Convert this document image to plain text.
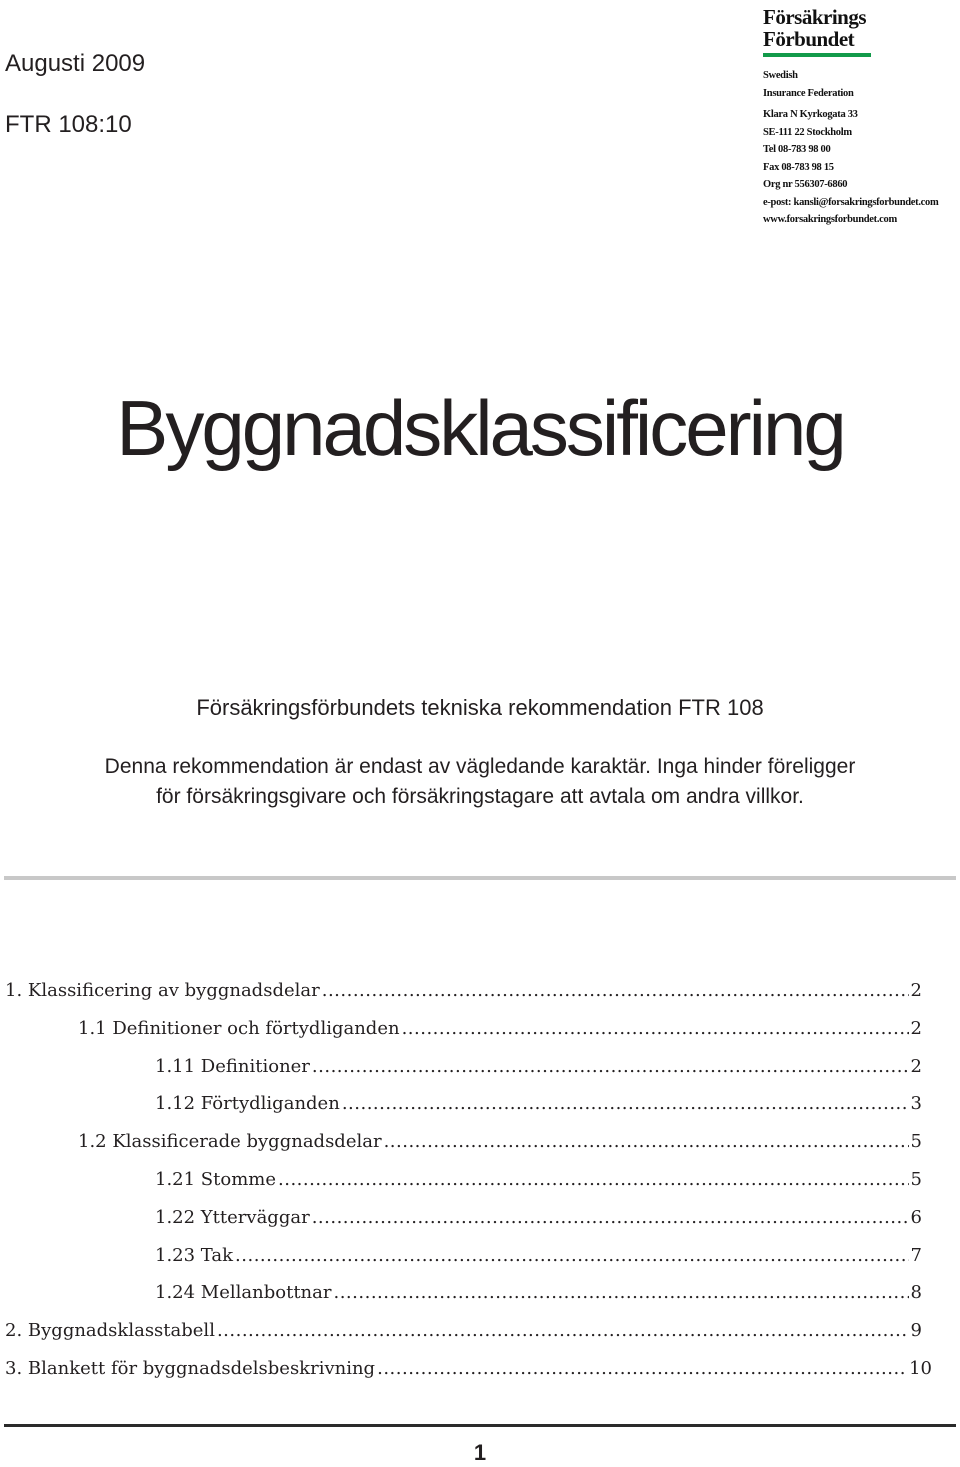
Augusti 2009
FTR 108:10
Försäkrings
Förbundet
Swedish
Insurance Federation
Klara N Kyrkogata 33
SE-111 22 Stockholm
Tel 08-783 98 00
Fax 08-783 98 15
Org nr 556307-6860
e-post: kansli@forsakringsforbundet.com
www.forsakringsforbundet.com
Byggnadsklassificering
Försäkringsförbundets tekniska rekommendation FTR 108
Denna rekommendation är endast av vägledande karaktär. Inga hinder föreligger för försäkringsgivare och försäkringstagare att avtala om andra villkor.
1. Klassificering av byggnadsdelar .....	2
1.1 Definitioner och förtydliganden .....	2
1.11 Definitioner .....	2
1.12 Förtydliganden .....	3
1.2 Klassificerade byggnadsdelar .....	5
1.21 Stomme .....	5
1.22 Ytterväggar .....	6
1.23 Tak .....	7
1.24 Mellanbottnar .....	8
2. Byggnadsklasstabell .....	9
3. Blankett för byggnadsdelsbeskrivning .....	10
1
